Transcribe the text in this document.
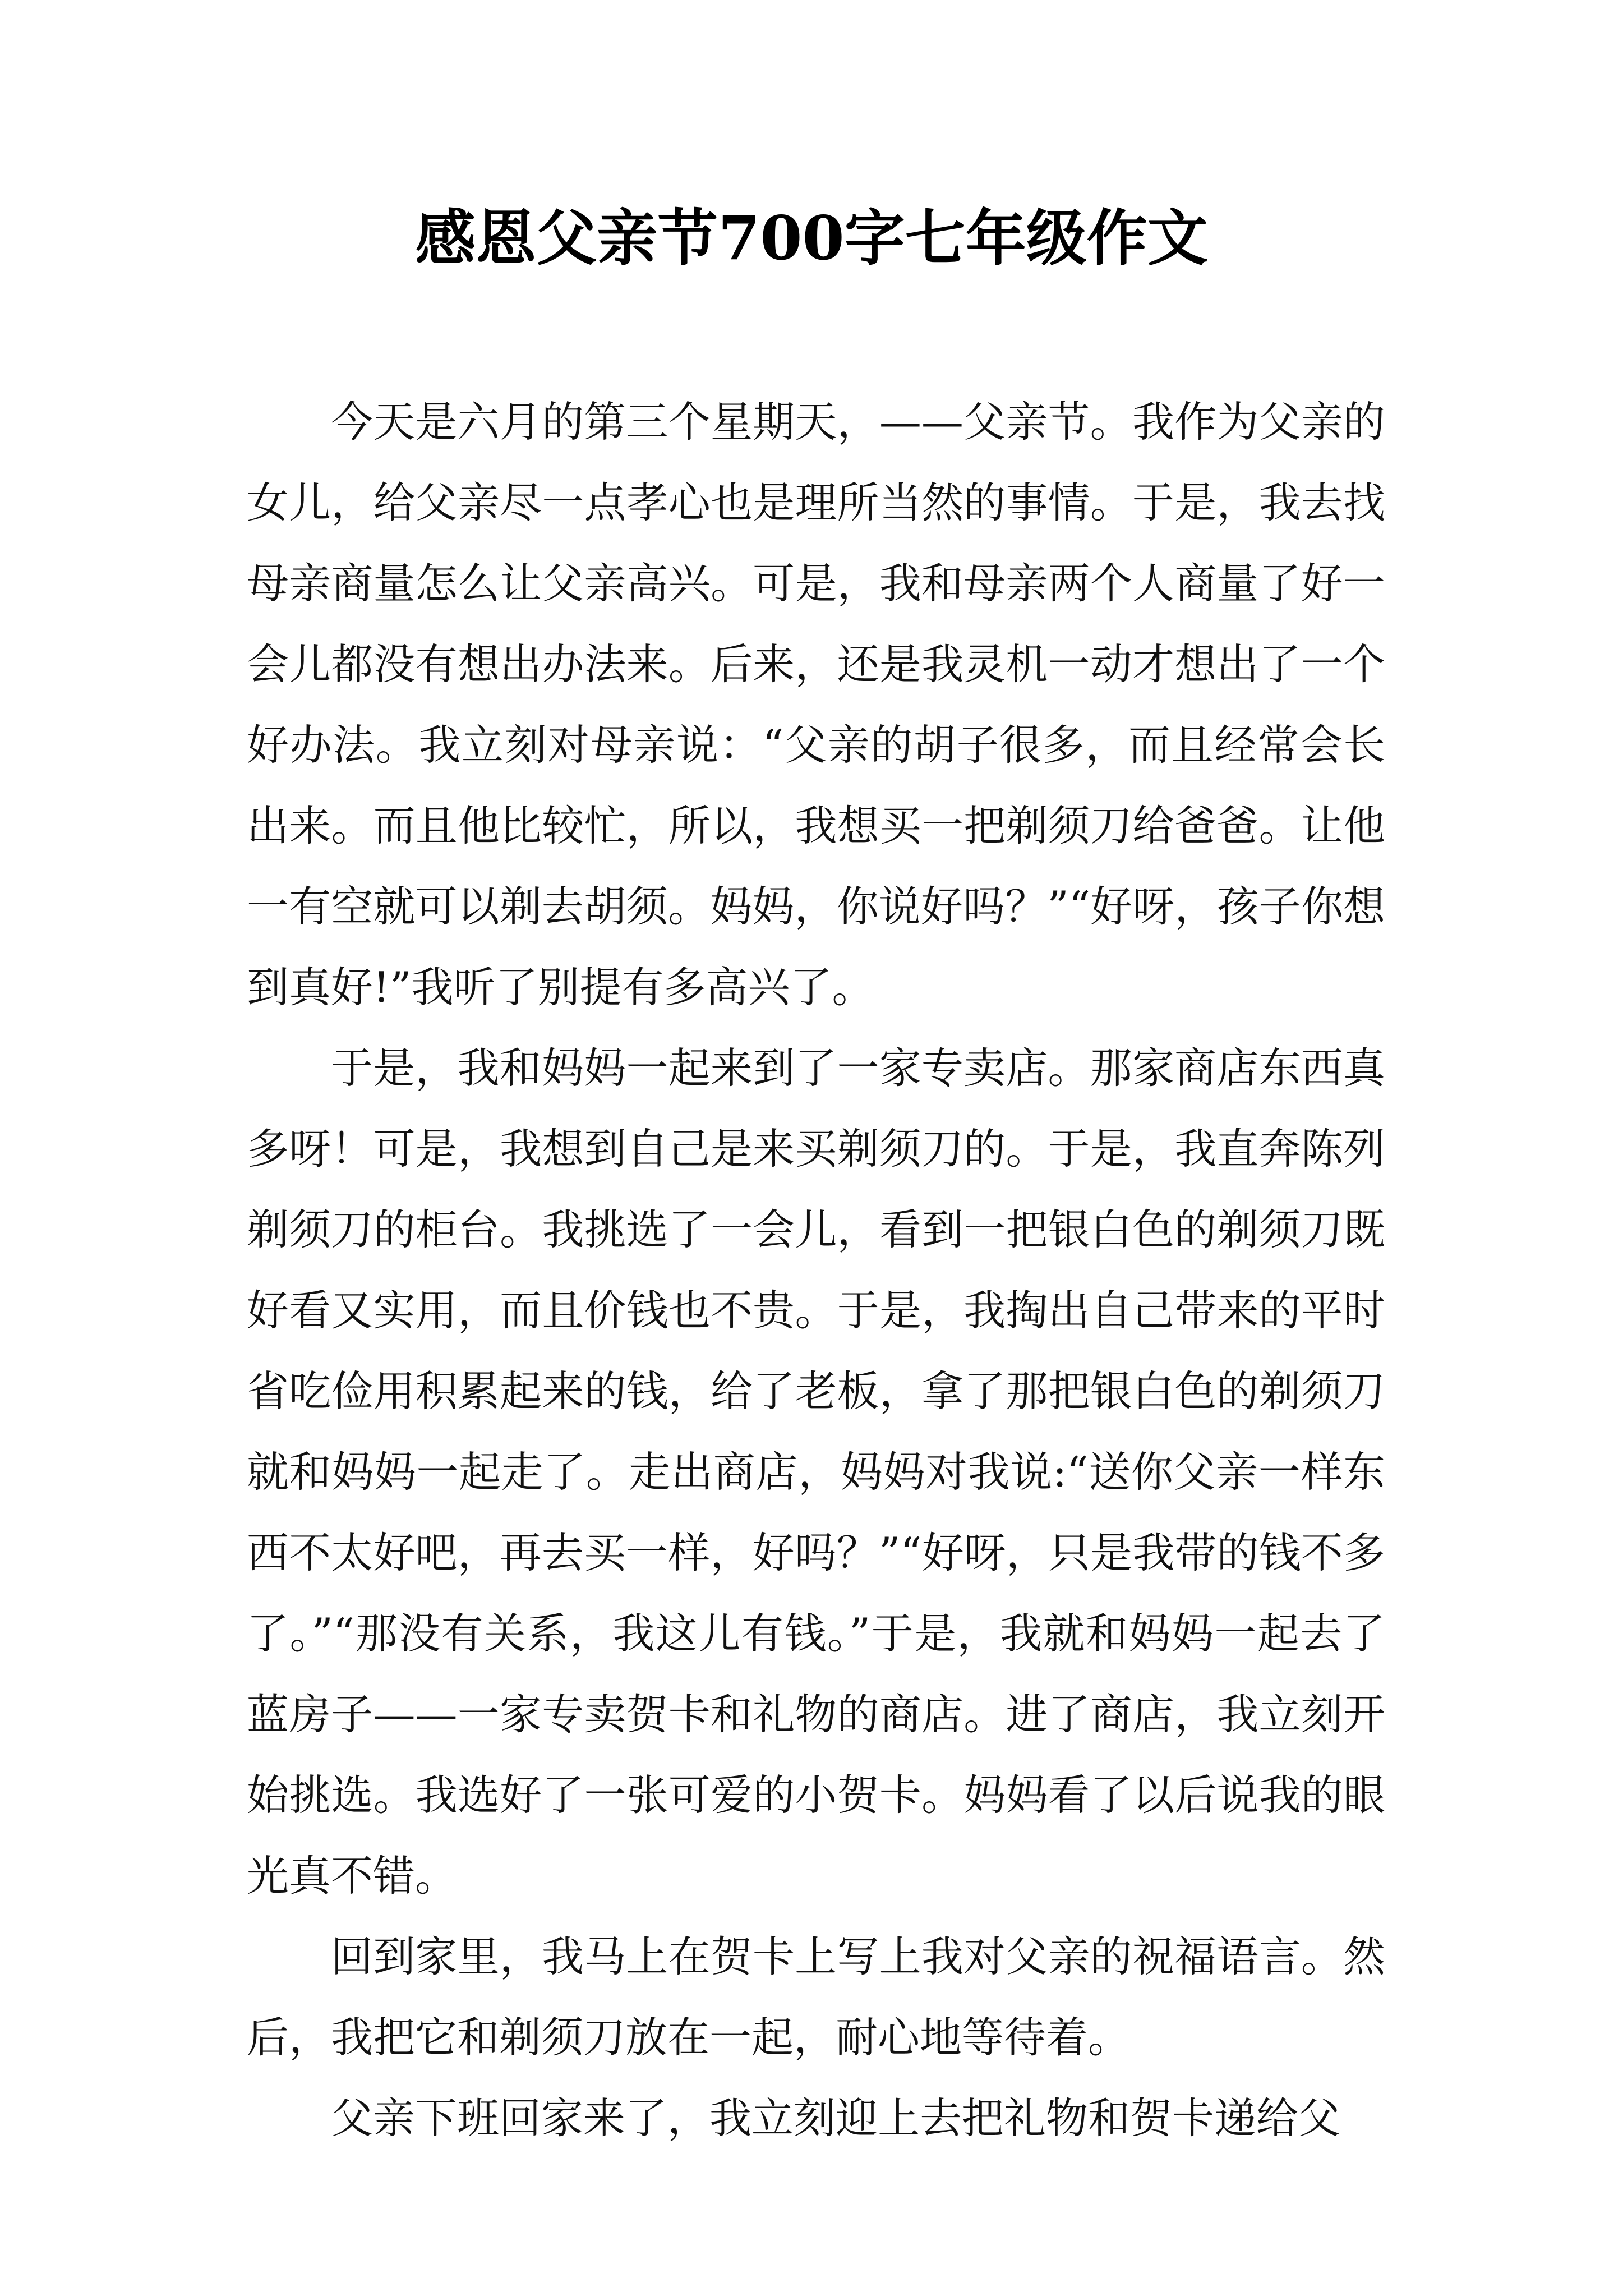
感恩父亲节700字七年级作文

今天是六月的第三个星期天，——父亲节。我作为父亲的女儿，给父亲尽一点孝心也是理所当然的事情。于是，我去找母亲商量怎么让父亲高兴。可是，我和母亲两个人商量了好一会儿都没有想出办法来。后来，还是我灵机一动才想出了一个好办法。我立刻对母亲说：“父亲的胡子很多，而且经常会长出来。而且他比较忙，所以，我想买一把剃须刀给爸爸。让他一有空就可以剃去胡须。妈妈，你说好吗？”“好呀，孩子你想到真好!”我听了别提有多高兴了。

于是，我和妈妈一起来到了一家专卖店。那家商店东西真多呀！可是，我想到自己是来买剃须刀的。于是，我直奔陈列剃须刀的柜台。我挑选了一会儿，看到一把银白色的剃须刀既好看又实用，而且价钱也不贵。于是，我掏出自己带来的平时省吃俭用积累起来的钱，给了老板，拿了那把银白色的剃须刀就和妈妈一起走了。走出商店，妈妈对我说:“送你父亲一样东西不太好吧，再去买一样，好吗？”“好呀，只是我带的钱不多了。”“那没有关系，我这儿有钱。”于是，我就和妈妈一起去了蓝房子——一家专卖贺卡和礼物的商店。进了商店，我立刻开始挑选。我选好了一张可爱的小贺卡。妈妈看了以后说我的眼光真不错。

回到家里，我马上在贺卡上写上我对父亲的祝福语言。然后，我把它和剃须刀放在一起，耐心地等待着。

父亲下班回家来了，我立刻迎上去把礼物和贺卡递给父
